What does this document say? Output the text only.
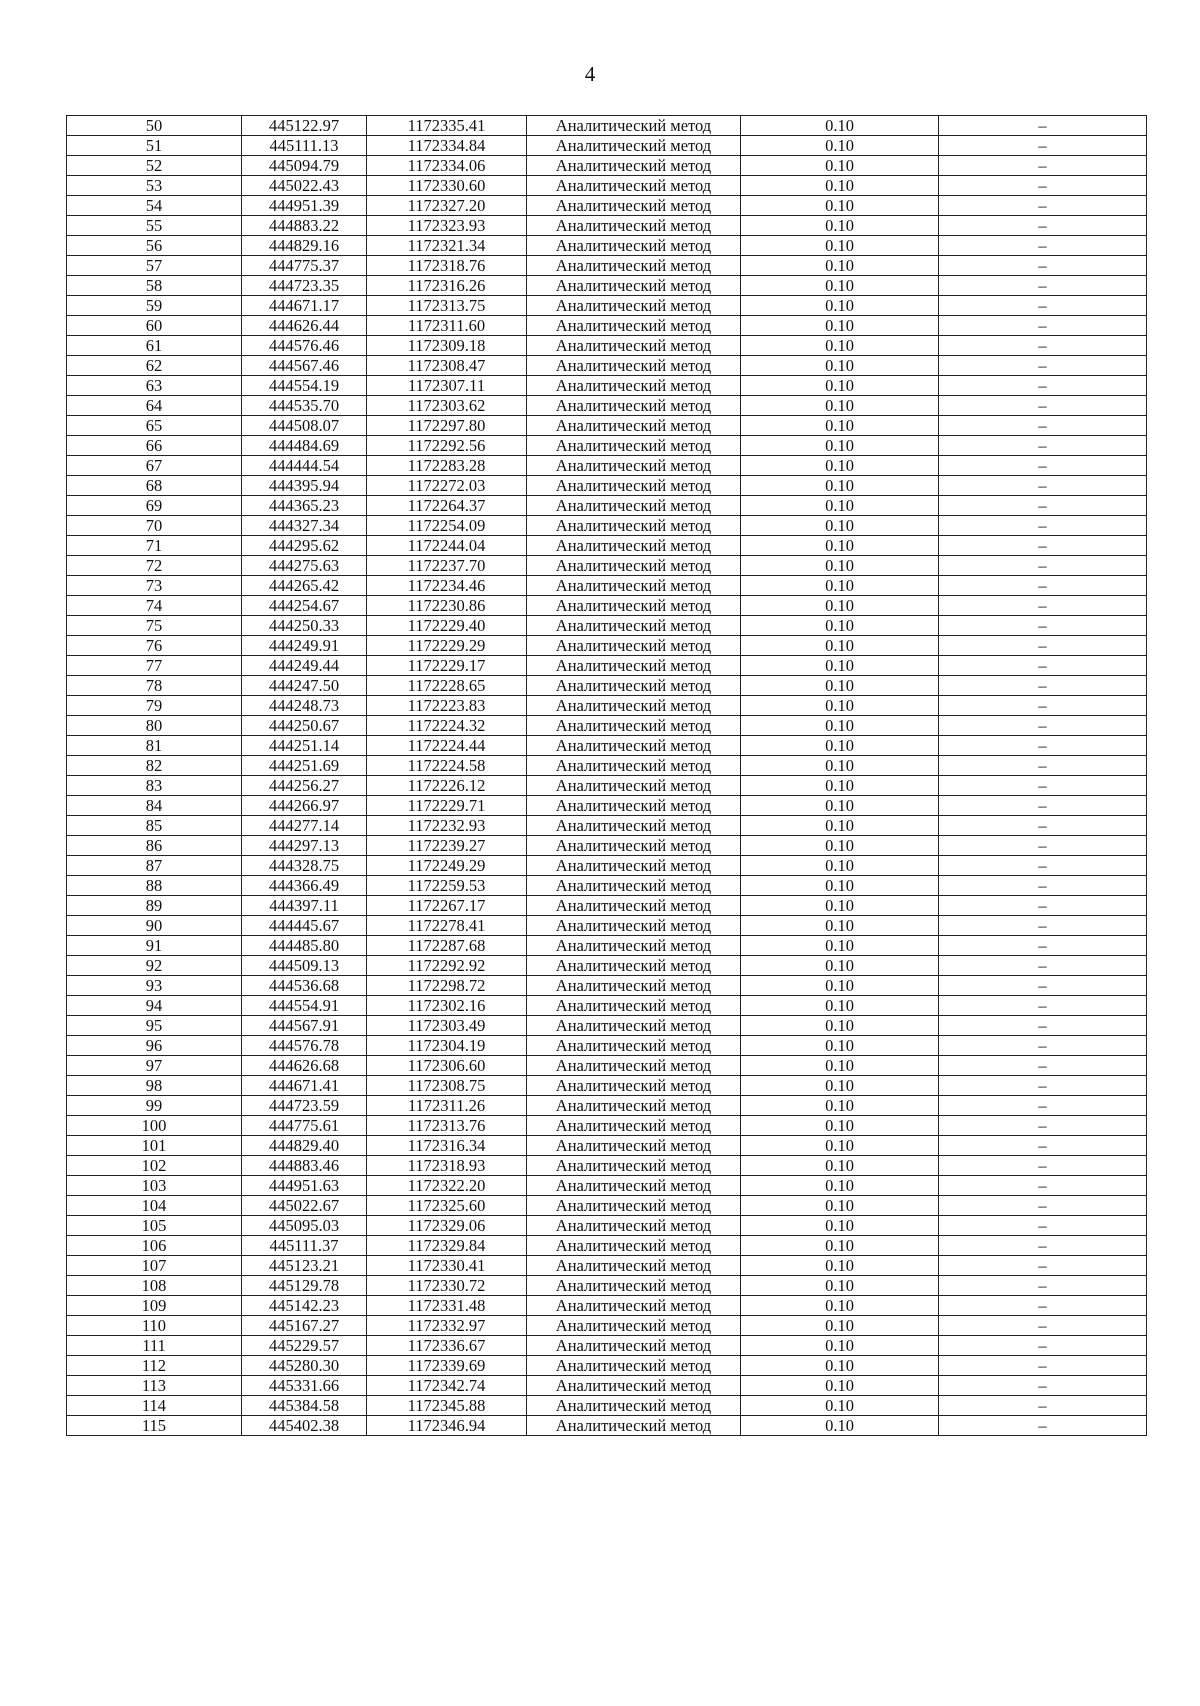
4
50	445122.97	1172335.41	Аналитический метод	0.10	–
51	445111.13	1172334.84	Аналитический метод	0.10	–
52	445094.79	1172334.06	Аналитический метод	0.10	–
53	445022.43	1172330.60	Аналитический метод	0.10	–
54	444951.39	1172327.20	Аналитический метод	0.10	–
55	444883.22	1172323.93	Аналитический метод	0.10	–
56	444829.16	1172321.34	Аналитический метод	0.10	–
57	444775.37	1172318.76	Аналитический метод	0.10	–
58	444723.35	1172316.26	Аналитический метод	0.10	–
59	444671.17	1172313.75	Аналитический метод	0.10	–
60	444626.44	1172311.60	Аналитический метод	0.10	–
61	444576.46	1172309.18	Аналитический метод	0.10	–
62	444567.46	1172308.47	Аналитический метод	0.10	–
63	444554.19	1172307.11	Аналитический метод	0.10	–
64	444535.70	1172303.62	Аналитический метод	0.10	–
65	444508.07	1172297.80	Аналитический метод	0.10	–
66	444484.69	1172292.56	Аналитический метод	0.10	–
67	444444.54	1172283.28	Аналитический метод	0.10	–
68	444395.94	1172272.03	Аналитический метод	0.10	–
69	444365.23	1172264.37	Аналитический метод	0.10	–
70	444327.34	1172254.09	Аналитический метод	0.10	–
71	444295.62	1172244.04	Аналитический метод	0.10	–
72	444275.63	1172237.70	Аналитический метод	0.10	–
73	444265.42	1172234.46	Аналитический метод	0.10	–
74	444254.67	1172230.86	Аналитический метод	0.10	–
75	444250.33	1172229.40	Аналитический метод	0.10	–
76	444249.91	1172229.29	Аналитический метод	0.10	–
77	444249.44	1172229.17	Аналитический метод	0.10	–
78	444247.50	1172228.65	Аналитический метод	0.10	–
79	444248.73	1172223.83	Аналитический метод	0.10	–
80	444250.67	1172224.32	Аналитический метод	0.10	–
81	444251.14	1172224.44	Аналитический метод	0.10	–
82	444251.69	1172224.58	Аналитический метод	0.10	–
83	444256.27	1172226.12	Аналитический метод	0.10	–
84	444266.97	1172229.71	Аналитический метод	0.10	–
85	444277.14	1172232.93	Аналитический метод	0.10	–
86	444297.13	1172239.27	Аналитический метод	0.10	–
87	444328.75	1172249.29	Аналитический метод	0.10	–
88	444366.49	1172259.53	Аналитический метод	0.10	–
89	444397.11	1172267.17	Аналитический метод	0.10	–
90	444445.67	1172278.41	Аналитический метод	0.10	–
91	444485.80	1172287.68	Аналитический метод	0.10	–
92	444509.13	1172292.92	Аналитический метод	0.10	–
93	444536.68	1172298.72	Аналитический метод	0.10	–
94	444554.91	1172302.16	Аналитический метод	0.10	–
95	444567.91	1172303.49	Аналитический метод	0.10	–
96	444576.78	1172304.19	Аналитический метод	0.10	–
97	444626.68	1172306.60	Аналитический метод	0.10	–
98	444671.41	1172308.75	Аналитический метод	0.10	–
99	444723.59	1172311.26	Аналитический метод	0.10	–
100	444775.61	1172313.76	Аналитический метод	0.10	–
101	444829.40	1172316.34	Аналитический метод	0.10	–
102	444883.46	1172318.93	Аналитический метод	0.10	–
103	444951.63	1172322.20	Аналитический метод	0.10	–
104	445022.67	1172325.60	Аналитический метод	0.10	–
105	445095.03	1172329.06	Аналитический метод	0.10	–
106	445111.37	1172329.84	Аналитический метод	0.10	–
107	445123.21	1172330.41	Аналитический метод	0.10	–
108	445129.78	1172330.72	Аналитический метод	0.10	–
109	445142.23	1172331.48	Аналитический метод	0.10	–
110	445167.27	1172332.97	Аналитический метод	0.10	–
111	445229.57	1172336.67	Аналитический метод	0.10	–
112	445280.30	1172339.69	Аналитический метод	0.10	–
113	445331.66	1172342.74	Аналитический метод	0.10	–
114	445384.58	1172345.88	Аналитический метод	0.10	–
115	445402.38	1172346.94	Аналитический метод	0.10	–
